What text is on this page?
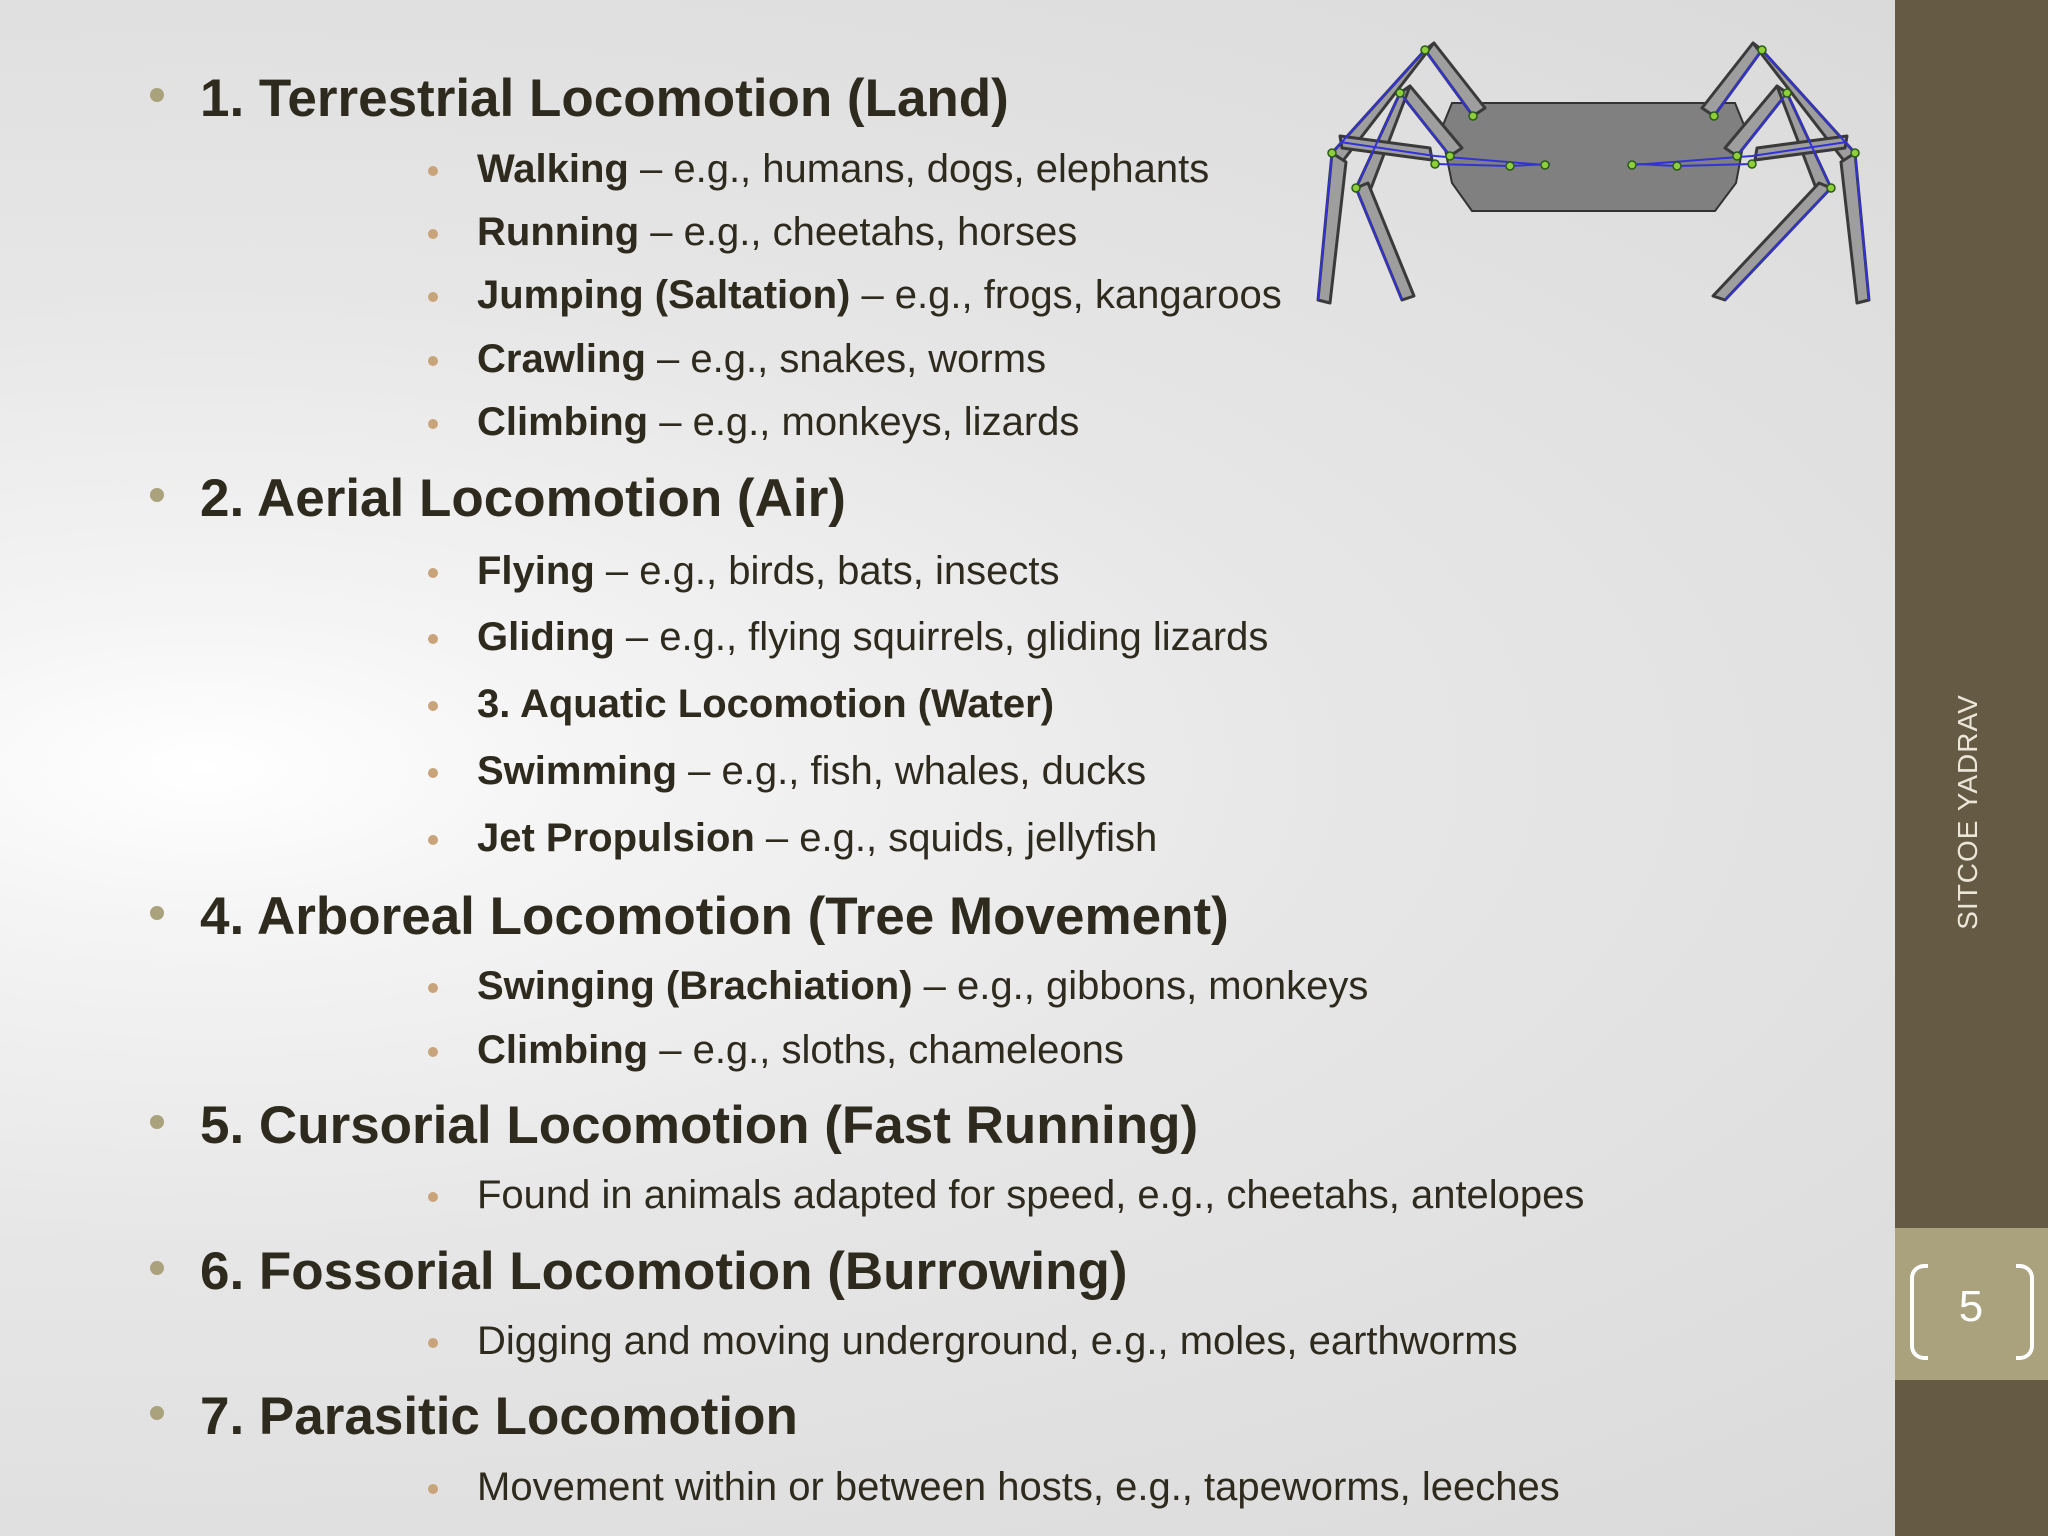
1. Terrestrial Locomotion (Land)
Walking – e.g., humans, dogs, elephants
Running – e.g., cheetahs, horses
Jumping (Saltation) – e.g., frogs, kangaroos
Crawling – e.g., snakes, worms
Climbing – e.g., monkeys, lizards
2. Aerial Locomotion (Air)
Flying – e.g., birds, bats, insects
Gliding – e.g., flying squirrels, gliding lizards
3. Aquatic Locomotion (Water)
Swimming – e.g., fish, whales, ducks
Jet Propulsion – e.g., squids, jellyfish
4. Arboreal Locomotion (Tree Movement)
Swinging (Brachiation) – e.g., gibbons, monkeys
Climbing – e.g., sloths, chameleons
5. Cursorial Locomotion (Fast Running)
Found in animals adapted for speed, e.g., cheetahs, antelopes
6. Fossorial Locomotion (Burrowing)
Digging and moving underground, e.g., moles, earthworms
7. Parasitic Locomotion
Movement within or between hosts, e.g., tapeworms, leeches
SITCOE YADRAV
5
